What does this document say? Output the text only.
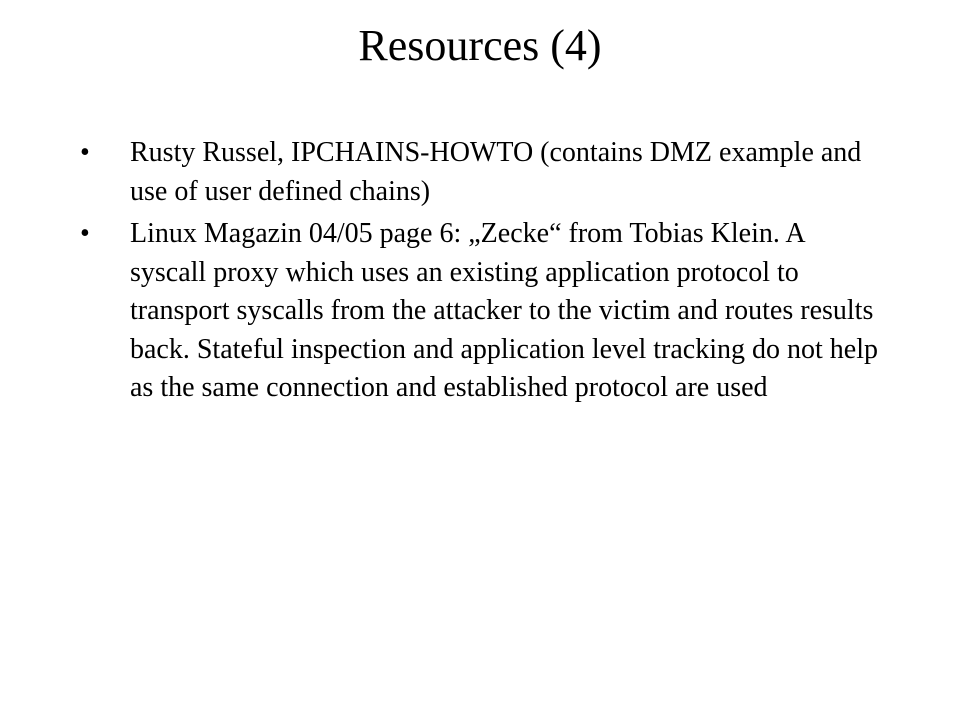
Resources (4)
•	Rusty Russel, IPCHAINS-HOWTO (contains DMZ example and use of user defined chains)
•	Linux Magazin 04/05 page 6: „Zecke“ from Tobias Klein. A syscall proxy which uses an existing application protocol to transport syscalls from the attacker to the victim and routes results back. Stateful inspection and application level tracking do not help as the same connection and established protocol are used
